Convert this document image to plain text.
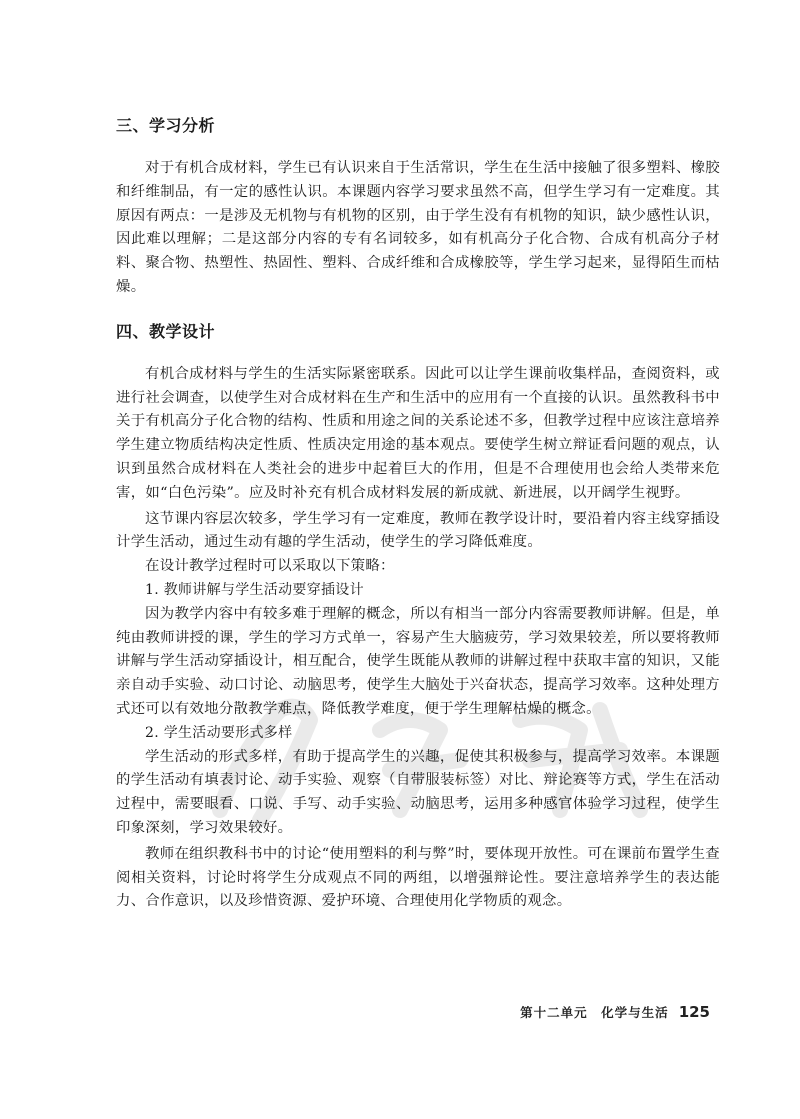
三、学习分析

对于有机合成材料，学生已有认识来自于生活常识，学生在生活中接触了很多塑料、橡胶和纤维制品，有一定的感性认识。本课题内容学习要求虽然不高，但学生学习有一定难度。其原因有两点：一是涉及无机物与有机物的区别，由于学生没有有机物的知识，缺少感性认识，因此难以理解；二是这部分内容的专有名词较多，如有机高分子化合物、合成有机高分子材料、聚合物、热塑性、热固性、塑料、合成纤维和合成橡胶等，学生学习起来，显得陌生而枯燥。

四、教学设计

有机合成材料与学生的生活实际紧密联系。因此可以让学生课前收集样品，查阅资料，或进行社会调查，以使学生对合成材料在生产和生活中的应用有一个直接的认识。虽然教科书中关于有机高分子化合物的结构、性质和用途之间的关系论述不多，但教学过程中应该注意培养学生建立物质结构决定性质、性质决定用途的基本观点。要使学生树立辩证看问题的观点，认识到虽然合成材料在人类社会的进步中起着巨大的作用，但是不合理使用也会给人类带来危害，如“白色污染”。应及时补充有机合成材料发展的新成就、新进展，以开阔学生视野。

这节课内容层次较多，学生学习有一定难度，教师在教学设计时，要沿着内容主线穿插设计学生活动，通过生动有趣的学生活动，使学生的学习降低难度。

在设计教学过程时可以采取以下策略：

1. 教师讲解与学生活动要穿插设计

因为教学内容中有较多难于理解的概念，所以有相当一部分内容需要教师讲解。但是，单纯由教师讲授的课，学生的学习方式单一，容易产生大脑疲劳，学习效果较差，所以要将教师讲解与学生活动穿插设计，相互配合，使学生既能从教师的讲解过程中获取丰富的知识，又能亲自动手实验、动口讨论、动脑思考，使学生大脑处于兴奋状态，提高学习效率。这种处理方式还可以有效地分散教学难点，降低教学难度，便于学生理解枯燥的概念。

2. 学生活动要形式多样

学生活动的形式多样，有助于提高学生的兴趣，促使其积极参与，提高学习效率。本课题的学生活动有填表讨论、动手实验、观察（自带服装标签）对比、辩论赛等方式，学生在活动过程中，需要眼看、口说、手写、动手实验、动脑思考，运用多种感官体验学习过程，使学生印象深刻，学习效果较好。

教师在组织教科书中的讨论“使用塑料的利与弊”时，要体现开放性。可在课前布置学生查阅相关资料，讨论时将学生分成观点不同的两组，以增强辩论性。要注意培养学生的表达能力、合作意识，以及珍惜资源、爱护环境、合理使用化学物质的观念。

第十二单元　化学与生活 125
